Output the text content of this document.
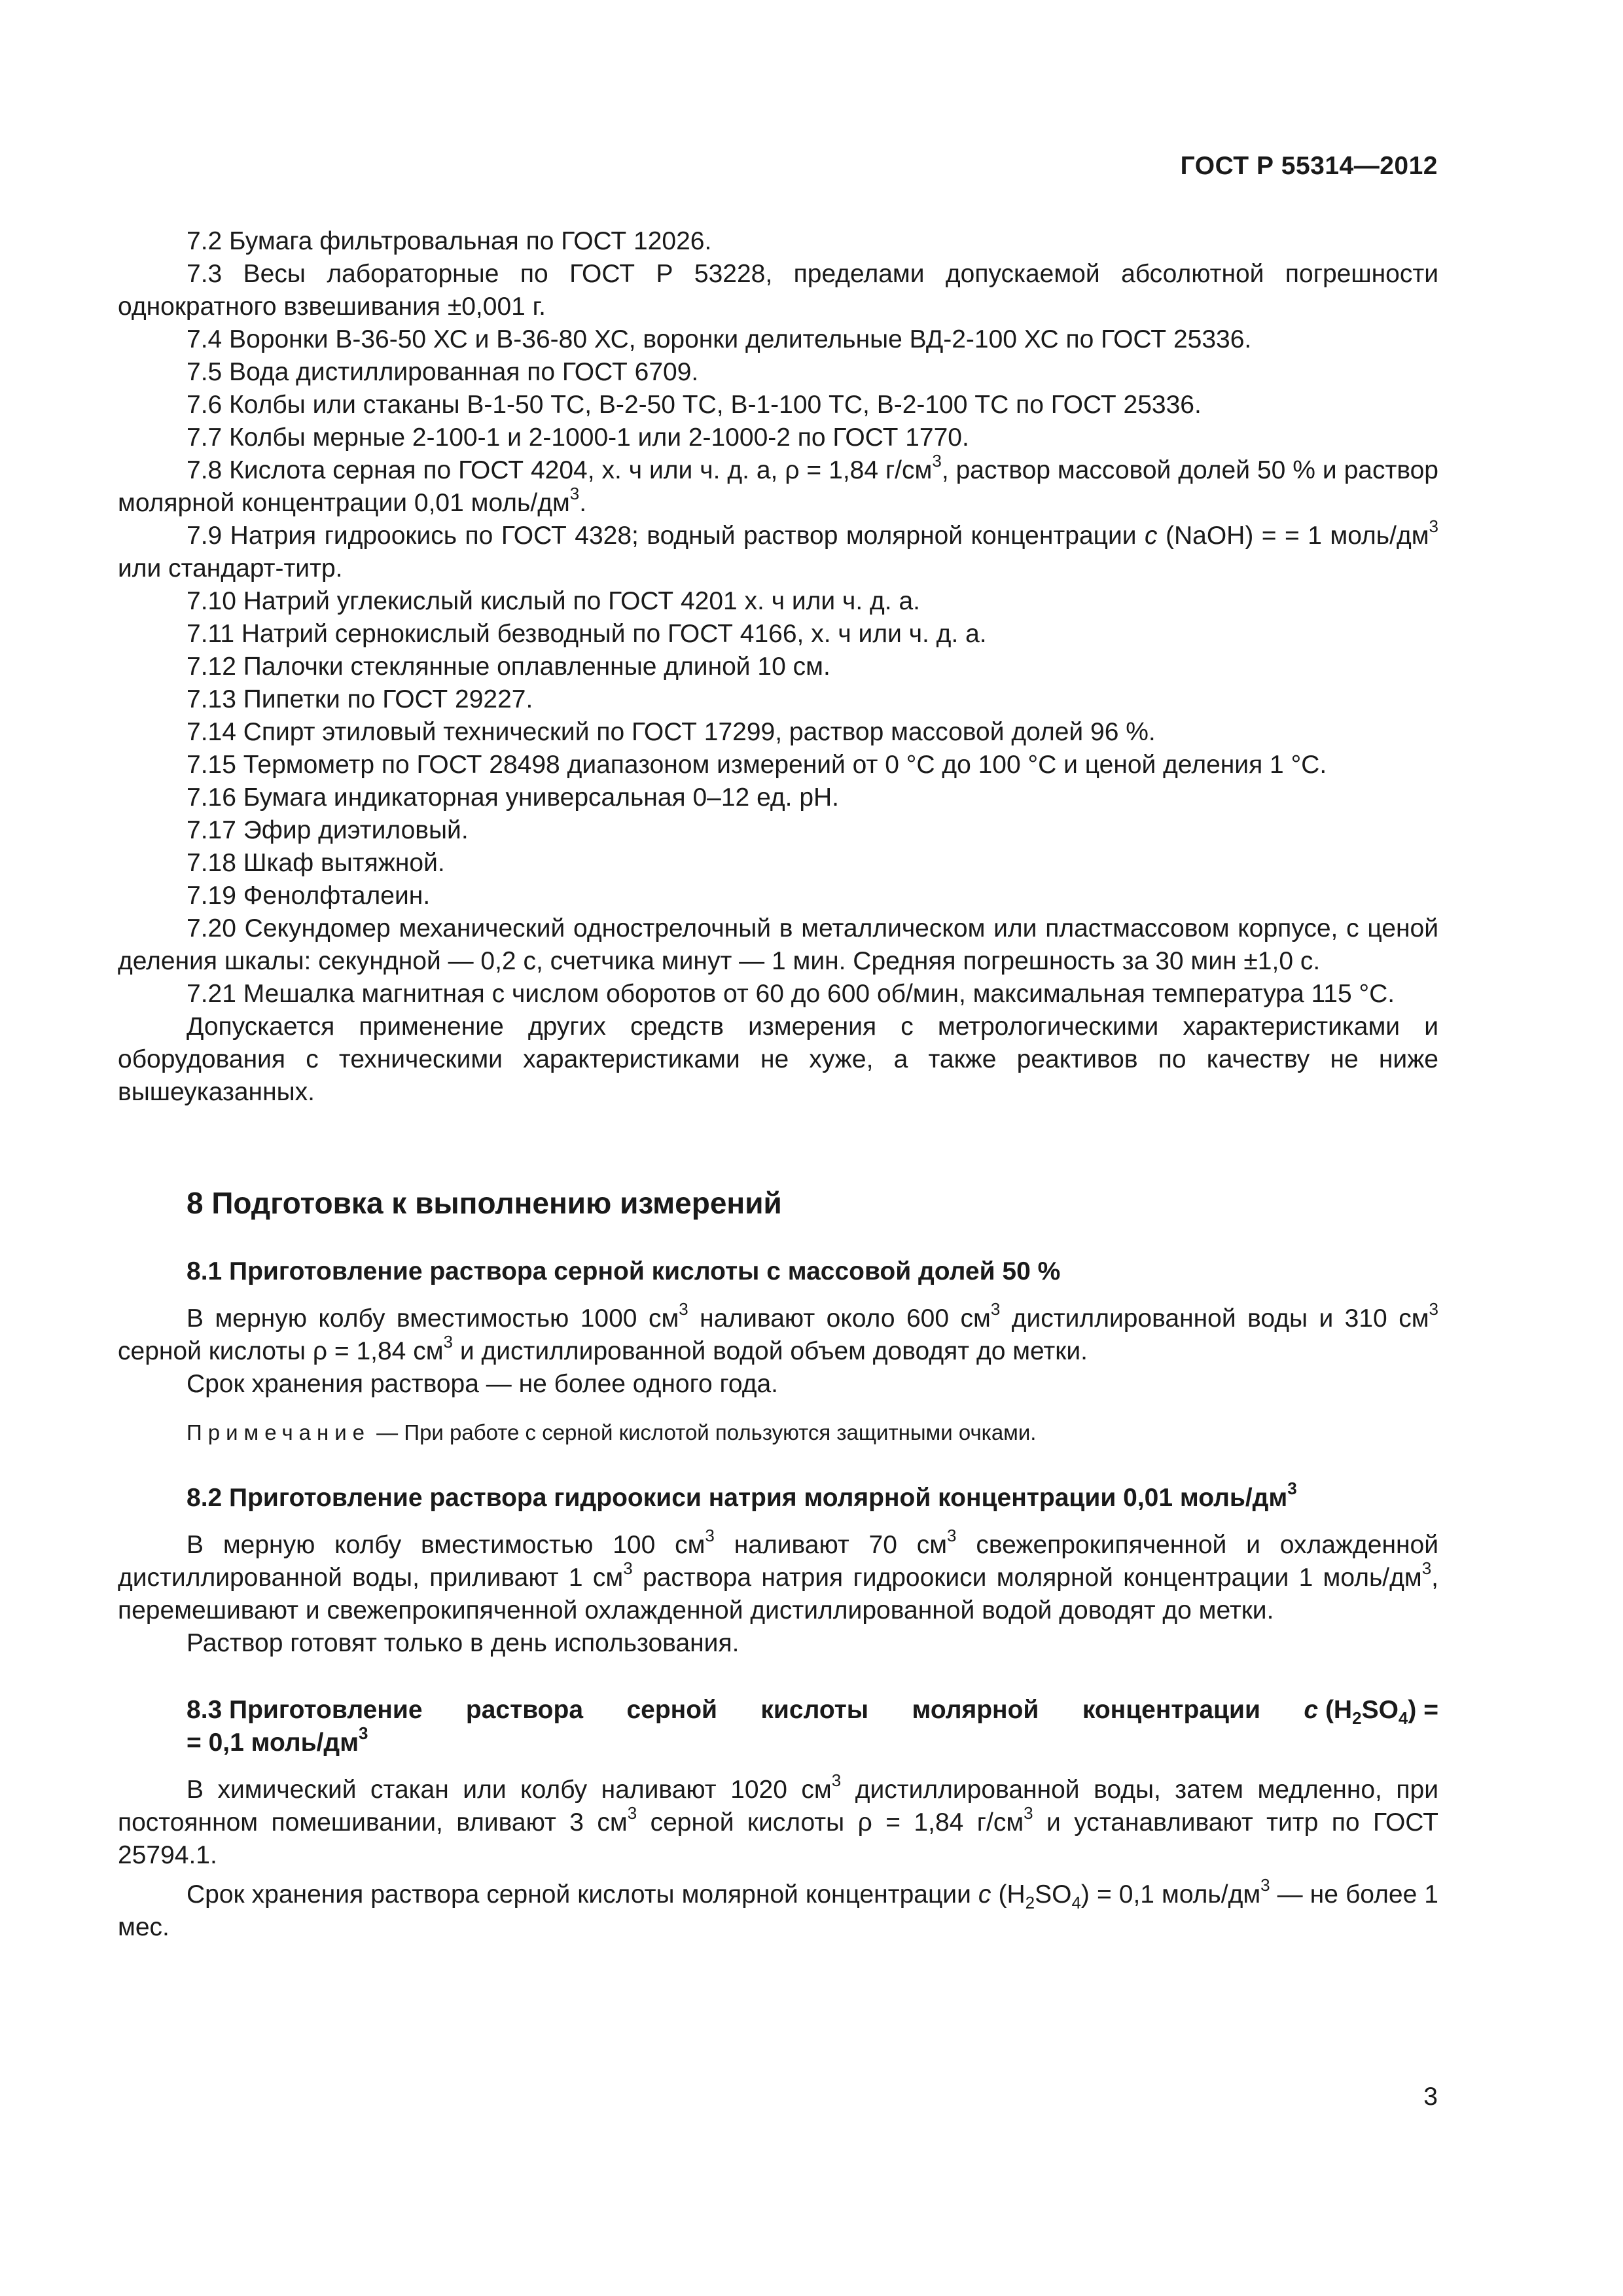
ГОСТ Р 55314—2012

7.2 Бумага фильтровальная по ГОСТ 12026.

7.3 Весы лабораторные по ГОСТ Р 53228, пределами допускаемой абсолютной погрешности однократного взвешивания ±0,001 г.

7.4 Воронки В-36-50 ХС и В-36-80 ХС, воронки делительные ВД-2-100 ХС по ГОСТ 25336.

7.5 Вода дистиллированная по ГОСТ 6709.

7.6 Колбы или стаканы В-1-50 ТС, В-2-50 ТС, В-1-100 ТС, В-2-100 ТС по ГОСТ 25336.

7.7 Колбы мерные 2-100-1 и 2-1000-1 или 2-1000-2 по ГОСТ 1770.

7.8 Кислота серная по ГОСТ 4204, х. ч или ч. д. а, ρ = 1,84 $г/см^3$, раствор массовой долей 50 % и раствор молярной концентрации 0,01 моль/$дм^3$.

7.9 Натрия гидроокись по ГОСТ 4328; водный раствор молярной концентрации c (NaOH) = = 1 моль/$дм^3$ или стандарт-титр.

7.10 Натрий углекислый кислый по ГОСТ 4201 х. ч или ч. д. а.

7.11 Натрий сернокислый безводный по ГОСТ 4166, х. ч или ч. д. а.

7.12 Палочки стеклянные оплавленные длиной 10 см.

7.13 Пипетки по ГОСТ 29227.

7.14 Спирт этиловый технический по ГОСТ 17299, раствор массовой долей 96 %.

7.15 Термометр по ГОСТ 28498 диапазоном измерений от 0 °С до 100 °С и ценой деления 1 °С.

7.16 Бумага индикаторная универсальная 0–12 ед. рН.

7.17 Эфир диэтиловый.

7.18 Шкаф вытяжной.

7.19 Фенолфталеин.

7.20 Секундомер механический однострелочный в металлическом или пластмассовом корпусе, с ценой деления шкалы: секундной — 0,2 с, счетчика минут — 1 мин. Средняя погрешность за 30 мин ±1,0 с.

7.21 Мешалка магнитная с числом оборотов от 60 до 600 об/мин, максимальная температура 115 °С.

Допускается применение других средств измерения с метрологическими характеристиками и оборудования с техническими характеристиками не хуже, а также реактивов по качеству не ниже вышеуказанных.

8 Подготовка к выполнению измерений
8.1 Приготовление раствора серной кислоты с массовой долей 50 %

В мерную колбу вместимостью 1000 $см^3$ наливают около 600 $см^3$ дистиллированной воды и 310 $см^3$ серной кислоты ρ = 1,84 $см^3$ и дистиллированной водой объем доводят до метки.

Срок хранения раствора — не более одного года.

Примечание — При работе с серной кислотой пользуются защитными очками.
8.2 Приготовление раствора гидроокиси натрия молярной концентрации 0,01 моль/$дм^3$

В мерную колбу вместимостью 100 $см^3$ наливают 70 $см^3$ свежепрокипяченной и охлажденной дистиллированной воды, приливают 1 $см^3$ раствора натрия гидроокиси молярной концентрации 1 моль/$дм^3$, перемешивают и свежепрокипяченной охлажденной дистиллированной водой доводят до метки.

Раствор готовят только в день использования.

8.3 Приготовление раствора серной кислоты молярной концентрации c $(H_2SO_4)$ =
= 0,1 моль/$дм^3$

В химический стакан или колбу наливают 1020 $см^3$ дистиллированной воды, затем медленно, при постоянном помешивании, вливают 3 $см^3$ серной кислоты ρ = 1,84 $г/см^3$ и устанавливают титр по ГОСТ 25794.1.

Срок хранения раствора серной кислоты молярной концентрации c $(H_2SO_4) = 0,1$ моль/$дм^3$ — не более 1 мес.

3
